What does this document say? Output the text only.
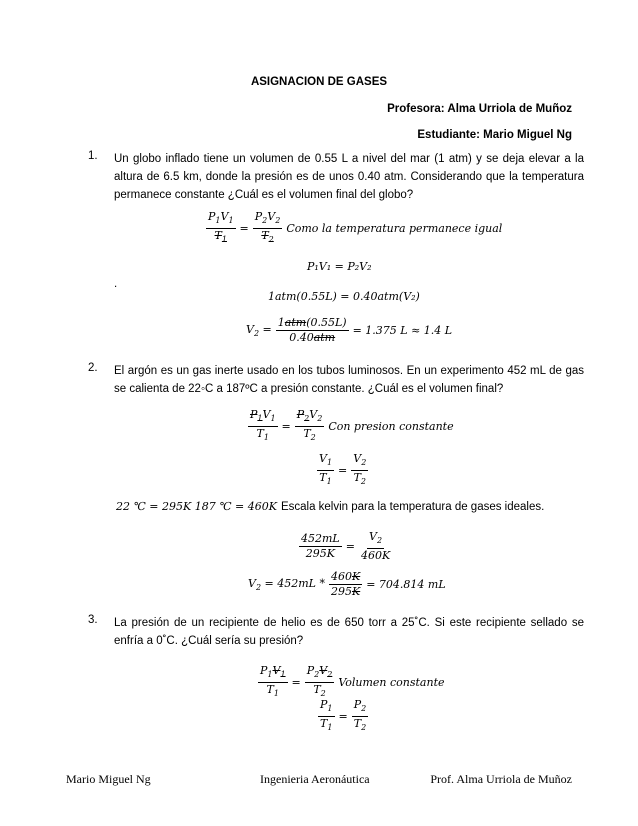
ASIGNACION DE GASES
Profesora: Alma Urriola de Muñoz
Estudiante: Mario Miguel Ng
1. Un globo inflado tiene un volumen de 0.55 L a nivel del mar (1 atm) y se deja elevar a la altura de 6.5 km, donde la presión es de unos 0.40 atm. Considerando que la temperatura permanece constante ¿Cuál es el volumen final del globo?
$\frac{P_1V_1}{T_1} = \frac{P_2V_2}{T_2}$ Como la temperatura permanece igual
P₁V₁ = P₂V₂
.
1atm(0.55L) = 0.40atm(V₂)
$V_2$ =
1atm(0.55L)
0.40atm
= 1.375 L ≈ 1.4 L
2. El argón es un gas inerte usado en los tubos luminosos. En un experimento 452 mL de gas se calienta de 22◦C a 187ºC a presión constante. ¿Cuál es el volumen final?
$\frac{P_1V_1}{T_1} = \frac{P_2V_2}{T_2}$ Con presion constante
$\frac{V_1}{T_1} = \frac{V_2}{T_2}$
22 ℃ = 295K 187 ℃ = 460K Escala kelvin para la temperatura de gases ideales.
$\frac{452mL}{295K} = \frac{V_2}{460K}$
$V_2 = 452mL * \frac{460K}{295K} = 704.814$ mL
3. La presión de un recipiente de helio es de 650 torr a 25˚C. Si este recipiente sellado se enfría a 0˚C. ¿Cuál sería su presión?
$\frac{P_1V_1}{T_1} = \frac{P_2V_2}{T_2}$ Volumen constante
$\frac{P_1}{T_1} = \frac{P_2}{T_2}$
Mario Miguel Ng	Ingenieria Aeronáutica	Prof. Alma Urriola de Muñoz
